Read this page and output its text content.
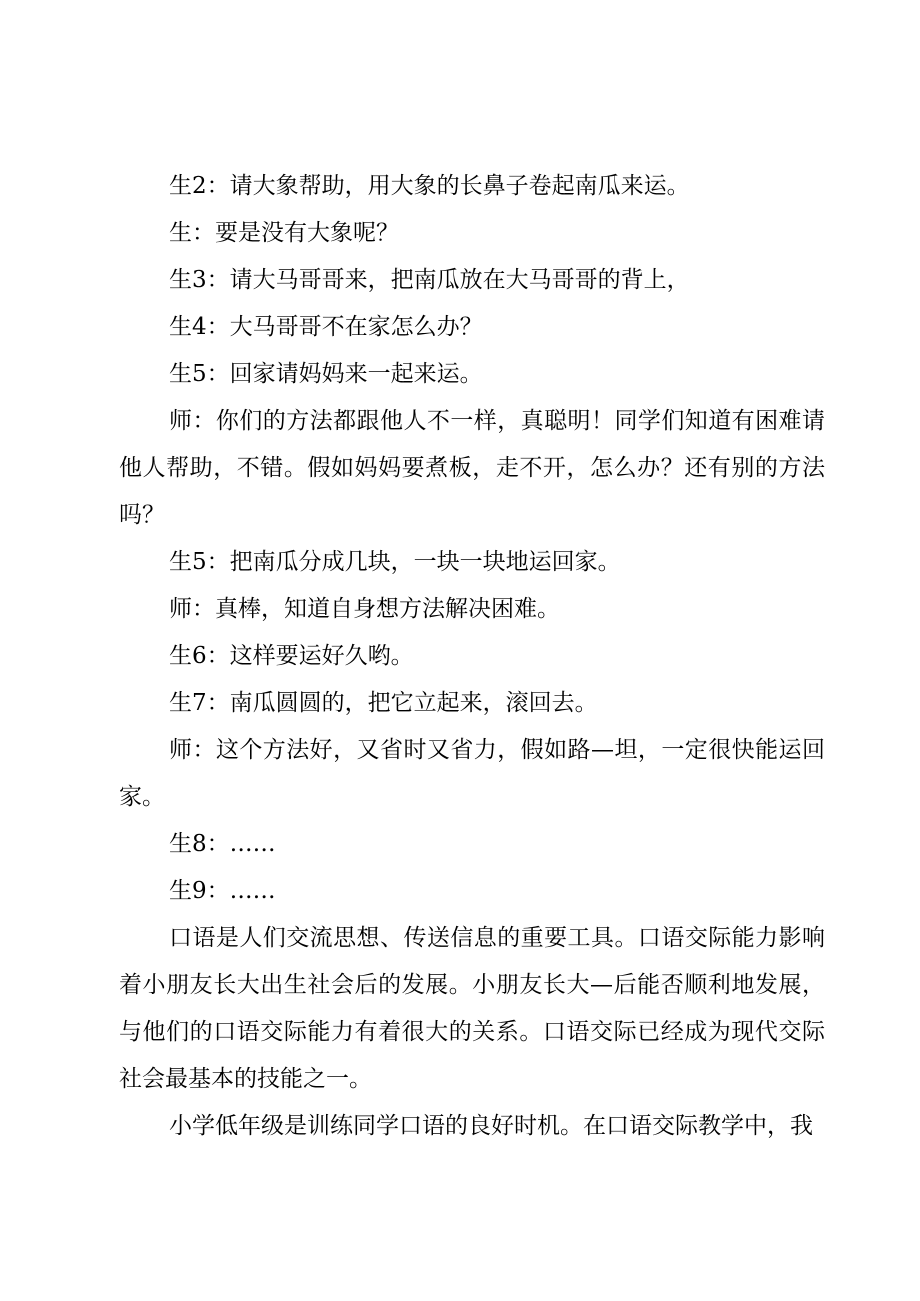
生2：请大象帮助，用大象的长鼻子卷起南瓜来运。

生：要是没有大象呢？

生3：请大马哥哥来，把南瓜放在大马哥哥的背上，

生4：大马哥哥不在家怎么办？

生5：回家请妈妈来一起来运。

师：你们的方法都跟他人不一样，真聪明！同学们知道有困难请他人帮助，不错。假如妈妈要煮板，走不开，怎么办？还有别的方法吗？

生5：把南瓜分成几块，一块一块地运回家。

师：真棒，知道自身想方法解决困难。

生6：这样要运好久哟。

生7：南瓜圆圆的，把它立起来，滚回去。

师：这个方法好，又省时又省力，假如路—坦，一定很快能运回家。

生8：……

生9：……

口语是人们交流思想、传送信息的重要工具。口语交际能力影响着小朋友长大出生社会后的发展。小朋友长大—后能否顺利地发展，与他们的口语交际能力有着很大的关系。口语交际已经成为现代交际社会最基本的技能之一。

小学低年级是训练同学口语的良好时机。在口语交际教学中，我
